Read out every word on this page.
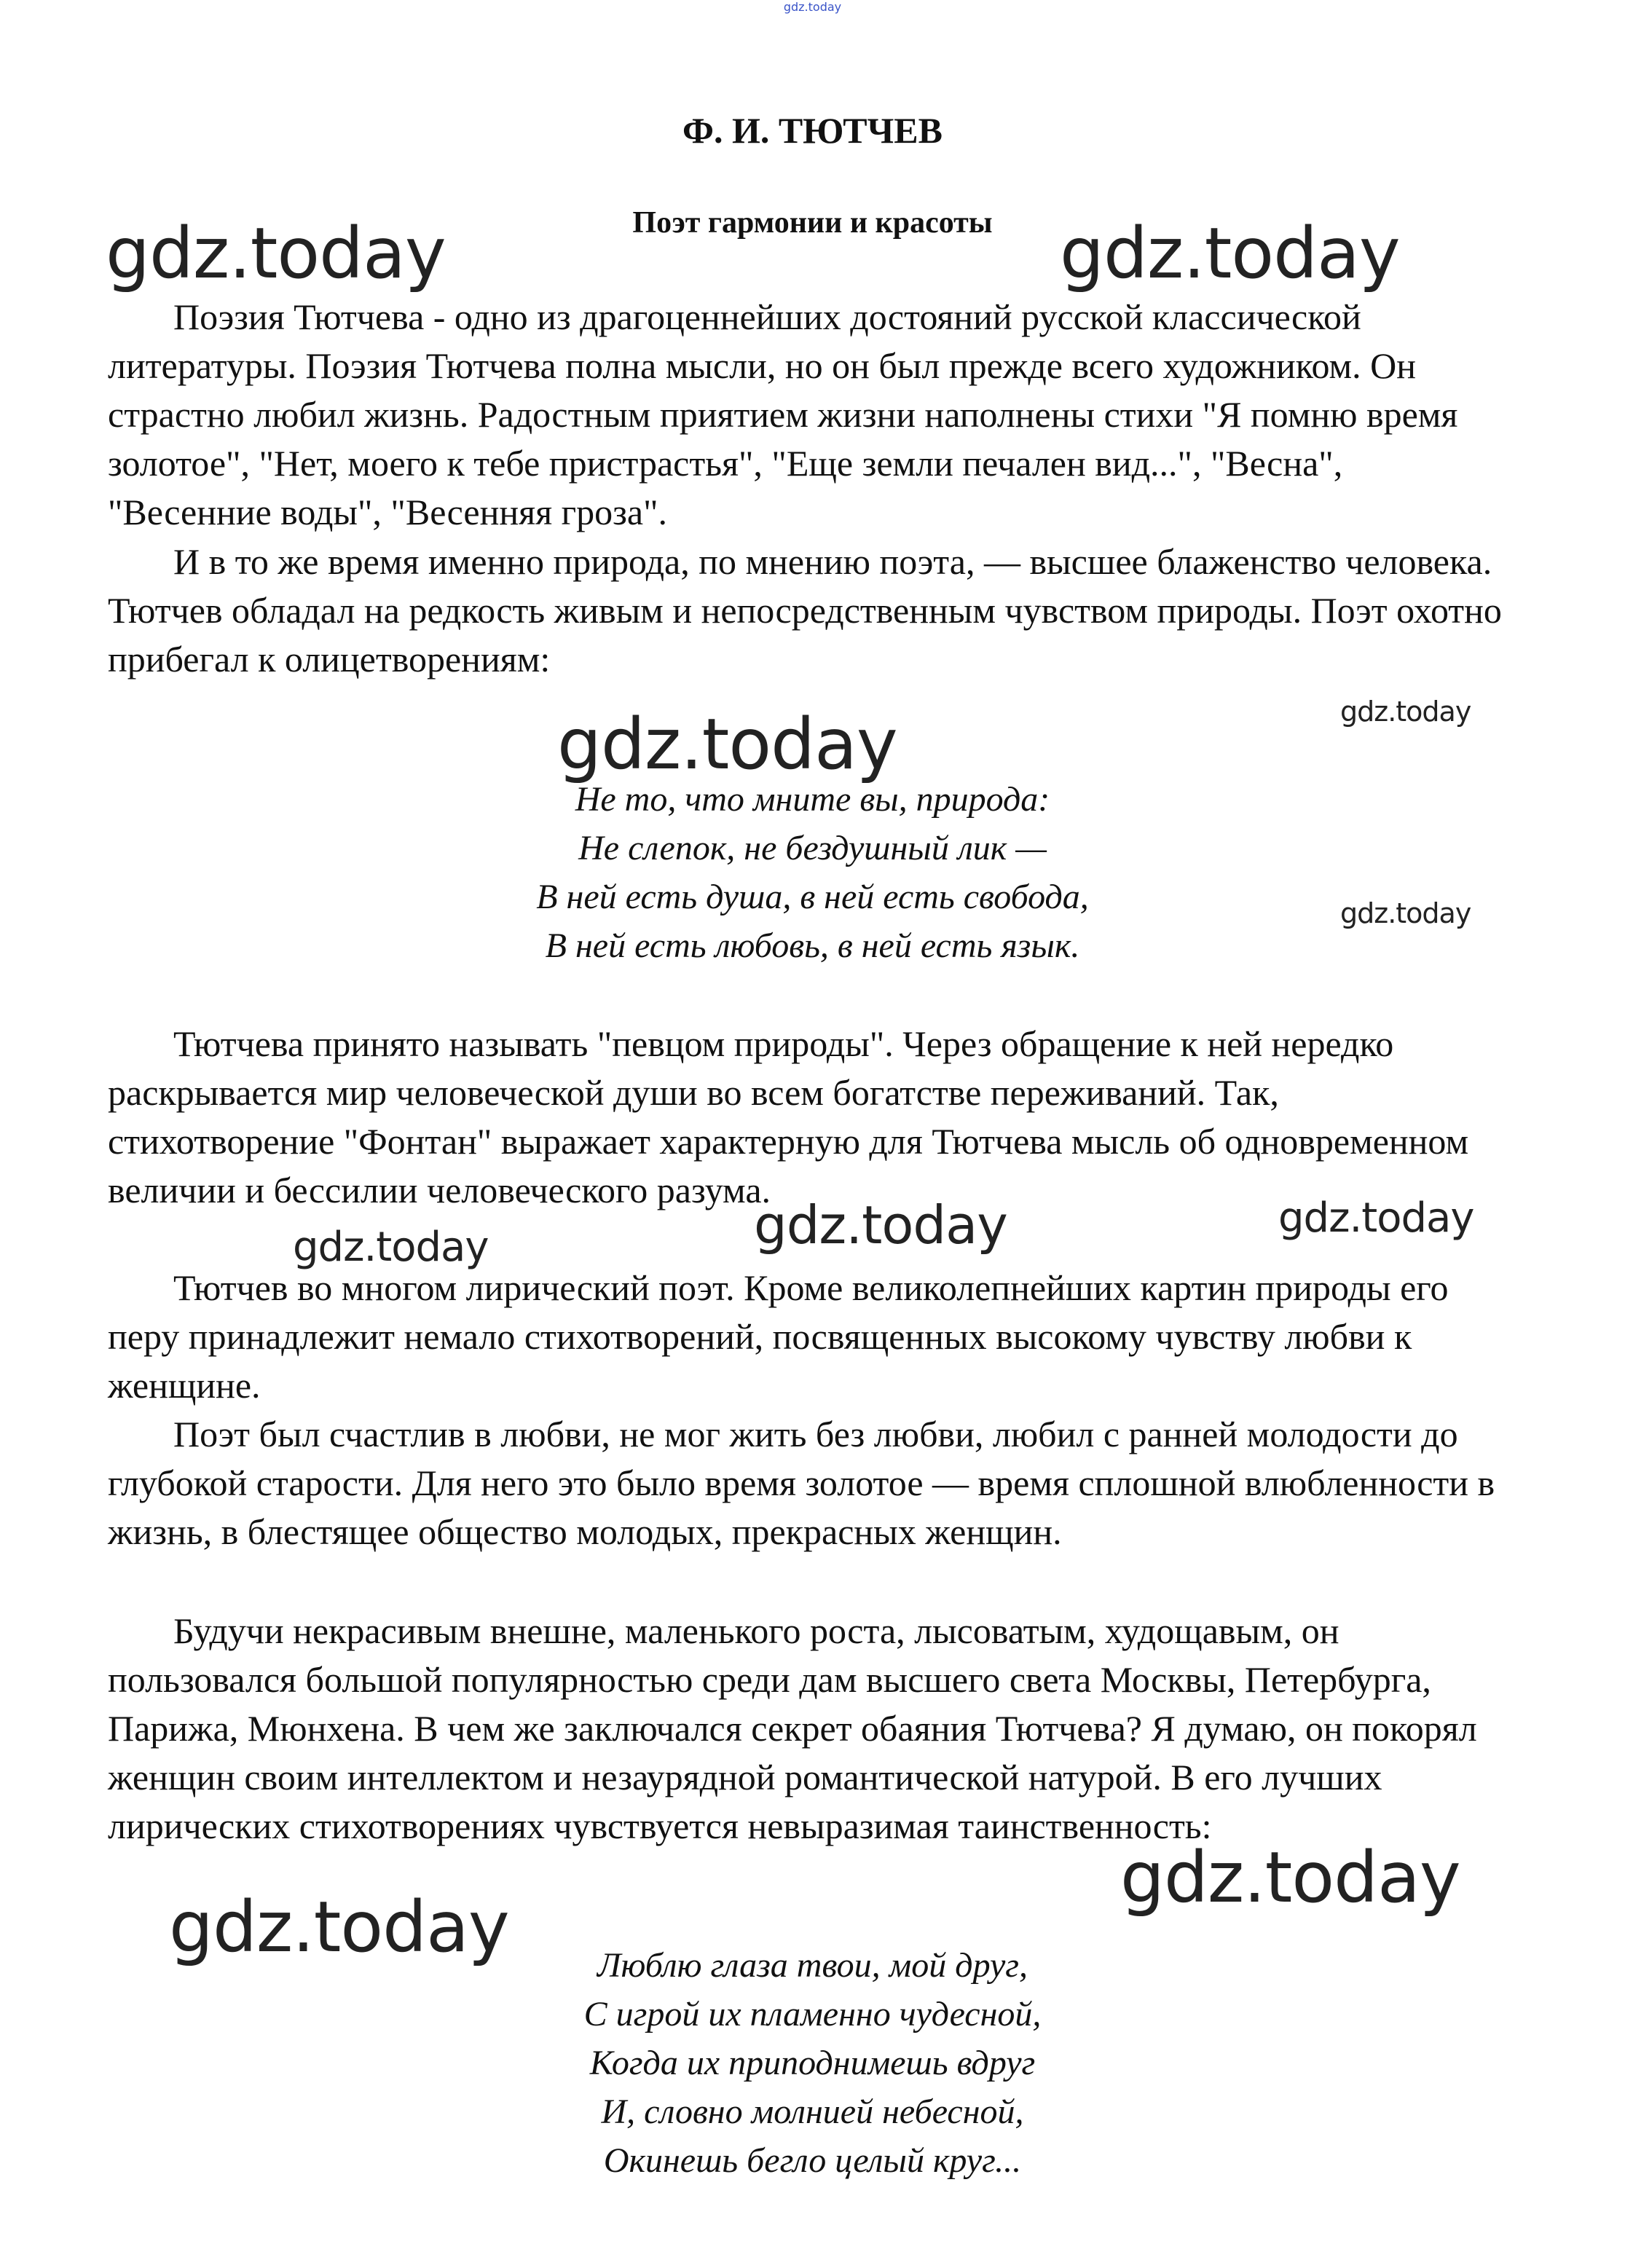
gdz.today
Ф. И. ТЮТЧЕВ
Поэт гармонии и красоты

Поэзия Тютчева - одно из драгоценнейших достояний русской классической литературы. Поэзия Тютчева полна мысли, но он был прежде всего художником. Он страстно любил жизнь. Радостным приятием жизни наполнены стихи "Я помню время золотое", "Нет, моего к тебе пристрастья", "Еще земли печален вид...", "Весна", "Весенние воды", "Весенняя гроза".

И в то же время именно природа, по мнению поэта, — высшее блаженство человека. Тютчев обладал на редкость живым и непосредственным чувством природы. Поэт охотно прибегал к олицетворениям:

Не то, что мните вы, природа:
Не слепок, не бездушный лик —
В ней есть душа, в ней есть свобода,
В ней есть любовь, в ней есть язык.

Тютчева принято называть "певцом природы". Через обращение к ней нередко раскрывается мир человеческой души во всем богатстве переживаний. Так, стихотворение "Фонтан" выражает характерную для Тютчева мысль об одновременном величии и бессилии человеческого разума.

Тютчев во многом лирический поэт. Кроме великолепнейших картин природы его перу принадлежит немало стихотворений, посвященных высокому чувству любви к женщине.

Поэт был счастлив в любви, не мог жить без любви, любил с ранней молодости до глубокой старости. Для него это было время золотое — время сплошной влюбленности в жизнь, в блестящее общество молодых, прекрасных женщин.

Будучи некрасивым внешне, маленького роста, лысоватым, худощавым, он пользовался большой популярностью среди дам высшего света Москвы, Петербурга, Парижа, Мюнхена. В чем же заключался секрет обаяния Тютчева? Я думаю, он покорял женщин своим интеллектом и незаурядной романтической натурой. В его лучших лирических стихотворениях чувствуется невыразимая таинственность:

Люблю глаза твои, мой друг,
С игрой их пламенно чудесной,
Когда их приподнимешь вдруг
И, словно молнией небесной,
Окинешь бегло целый круг...
gdz.today	gdz.today
gdz.today
gdz.today
gdz.today
gdz.today	gdz.today	gdz.today
gdz.today
gdz.today
